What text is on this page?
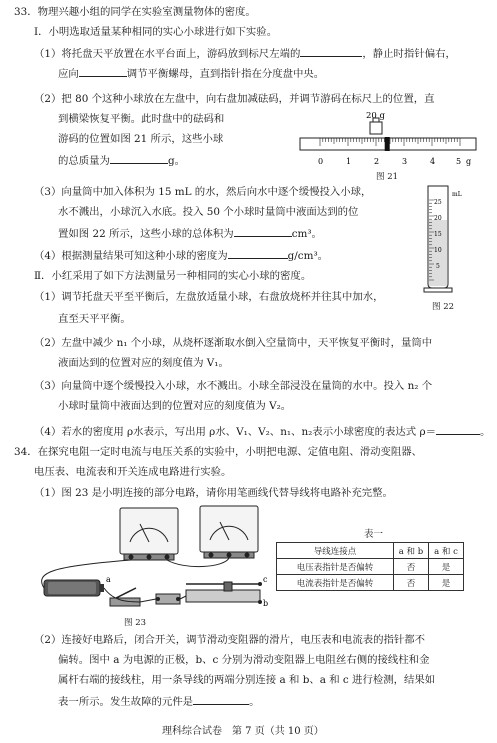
33．物理兴趣小组的同学在实验室测量物体的密度。
Ⅰ．小明选取适量某种相同的实心小球进行如下实验。
（1）将托盘天平放置在水平台面上，游码放到标尺左端的	，静止时指针偏右，
应向	调节平衡螺母，直到指针指在分度盘中央。
（2）把 80 个这种小球放在左盘中，向右盘加减砝码，并调节游码在标尺上的位置，直
到横梁恢复平衡。此时盘中的砝码和
游码的位置如图 21 所示，这些小球
的总质量为	g。
20 g
0	1	2	3	4	5 g
图 21
（3）向量筒中加入体积为 15 mL 的水，然后向水中逐个缓慢投入小球，
水不溅出，小球沉入水底。投入 50 个小球时量筒中液面达到的位
置如图 22 所示，这些小球的总体积为	cm³。
（4）根据测量结果可知这种小球的密度为	g/cm³。
mL
25
20
15
10
5
图 22
Ⅱ．小红采用了如下方法测量另一种相同的实心小球的密度。
（1）调节托盘天平至平衡后，左盘放适量小球，右盘放烧杯并往其中加水，
直至天平平衡。
（2）左盘中减少 n₁ 个小球，从烧杯逐渐取水倒入空量筒中，天平恢复平衡时，量筒中
液面达到的位置对应的刻度值为 V₁。
（3）向量筒中逐个缓慢投入小球，水不溅出。小球全部浸没在量筒的水中。投入 n₂ 个
小球时量筒中液面达到的位置对应的刻度值为 V₂。
（4）若水的密度用 ρ水表示，写出用 ρ水、V₁、V₂、n₁、n₂表示小球密度的表达式 ρ＝	。
34．在探究电阻一定时电流与电压关系的实验中，小明把电源、定值电阻、滑动变阻器、
电压表、电流表和开关连成电路进行实验。
（1）图 23 是小明连接的部分电路，请你用笔画线代替导线将电路补充完整。
a
b
c
图 23
表一
导线连接点	a 和 b	a 和 c
电压表指针是否偏转	否	是
电流表指针是否偏转	否	是
（2）连接好电路后，闭合开关，调节滑动变阻器的滑片，电压表和电流表的指针都不
偏转。图中 a 为电源的正极，b、c 分别为滑动变阻器上电阻丝右侧的接线柱和金
属杆右端的接线柱，用一条导线的两端分别连接 a 和 b、a 和 c 进行检测，结果如
表一所示。发生故障的元件是	。
理科综合试卷　第 7 页（共 10 页）
